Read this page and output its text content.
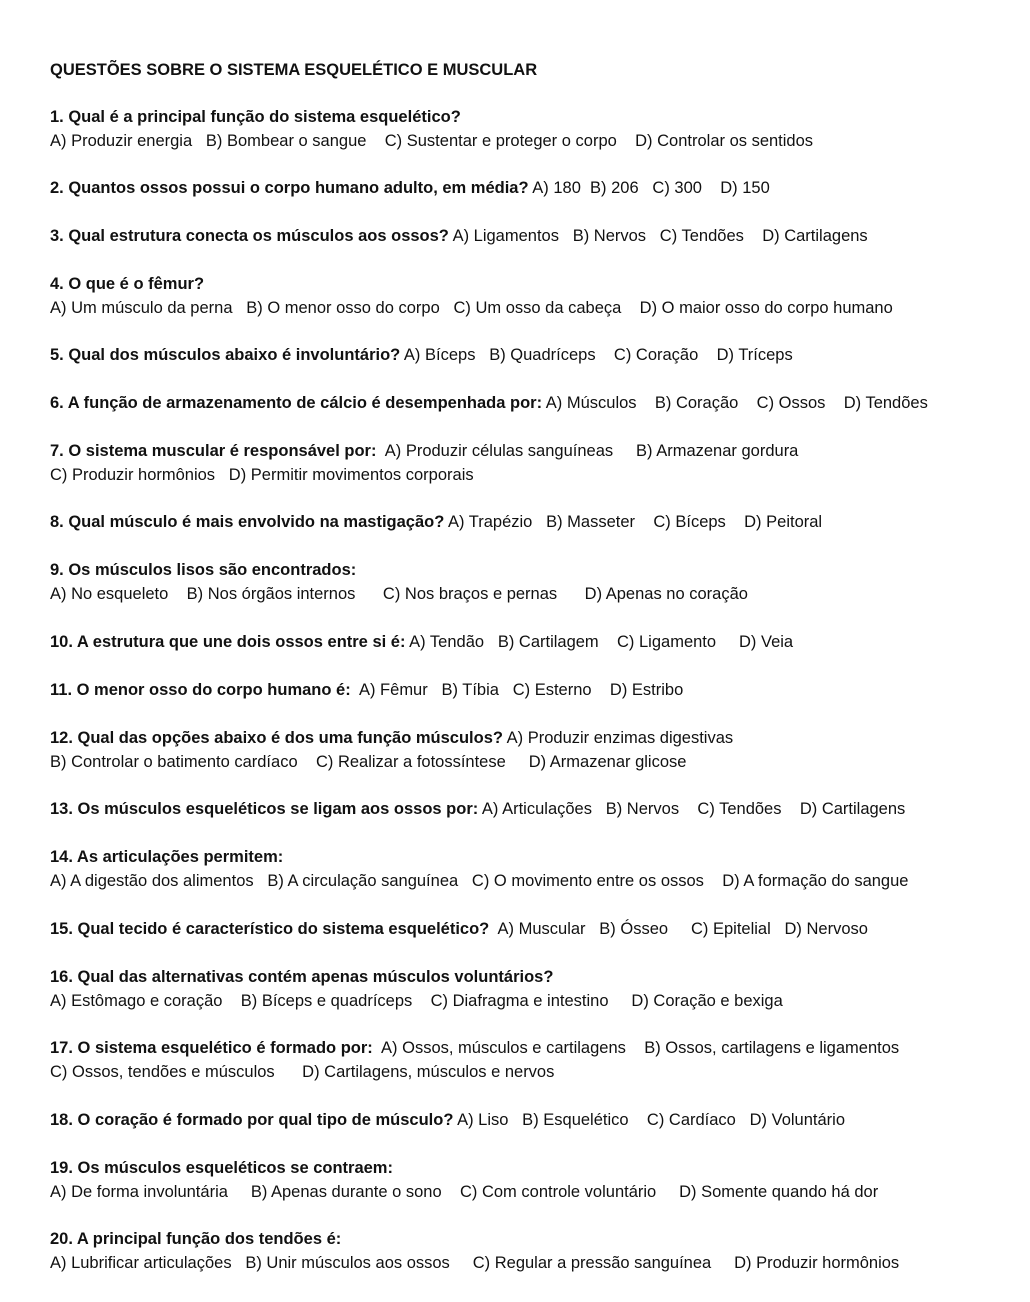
QUESTÕES SOBRE O SISTEMA ESQUELÉTICO E MUSCULAR
1. Qual é a principal função do sistema esquelético?
A) Produzir energia   B) Bombear o sangue    C) Sustentar e proteger o corpo    D) Controlar os sentidos
2. Quantos ossos possui o corpo humano adulto, em média? A) 180  B) 206   C) 300    D) 150
3. Qual estrutura conecta os músculos aos ossos? A) Ligamentos   B) Nervos   C) Tendões    D) Cartilagens
4. O que é o fêmur?
A) Um músculo da perna   B) O menor osso do corpo   C) Um osso da cabeça    D) O maior osso do corpo humano
5. Qual dos músculos abaixo é involuntário? A) Bíceps   B) Quadríceps    C) Coração    D) Tríceps
6. A função de armazenamento de cálcio é desempenhada por: A) Músculos    B) Coração    C) Ossos    D) Tendões
7. O sistema muscular é responsável por:  A) Produzir células sanguíneas     B) Armazenar gordura
C) Produzir hormônios   D) Permitir movimentos corporais
8. Qual músculo é mais envolvido na mastigação? A) Trapézio   B) Masseter    C) Bíceps    D) Peitoral
9. Os músculos lisos são encontrados:
A) No esqueleto    B) Nos órgãos internos      C) Nos braços e pernas      D) Apenas no coração
10. A estrutura que une dois ossos entre si é: A) Tendão   B) Cartilagem    C) Ligamento     D) Veia
11. O menor osso do corpo humano é:  A) Fêmur   B) Tíbia   C) Esterno    D) Estribo
12. Qual das opções abaixo é dos uma função músculos? A) Produzir enzimas digestivas
B) Controlar o batimento cardíaco    C) Realizar a fotossíntese     D) Armazenar glicose
13. Os músculos esqueléticos se ligam aos ossos por: A) Articulações   B) Nervos    C) Tendões    D) Cartilagens
14. As articulações permitem:
A) A digestão dos alimentos   B) A circulação sanguínea   C) O movimento entre os ossos    D) A formação do sangue
15. Qual tecido é característico do sistema esquelético?  A) Muscular   B) Ósseo     C) Epitelial   D) Nervoso
16. Qual das alternativas contém apenas músculos voluntários?
A) Estômago e coração    B) Bíceps e quadríceps    C) Diafragma e intestino     D) Coração e bexiga
17. O sistema esquelético é formado por:  A) Ossos, músculos e cartilagens    B) Ossos, cartilagens e ligamentos
C) Ossos, tendões e músculos      D) Cartilagens, músculos e nervos
18. O coração é formado por qual tipo de músculo? A) Liso   B) Esquelético    C) Cardíaco   D) Voluntário
19. Os músculos esqueléticos se contraem:
A) De forma involuntária     B) Apenas durante o sono    C) Com controle voluntário     D) Somente quando há dor
20. A principal função dos tendões é:
A) Lubrificar articulações   B) Unir músculos aos ossos     C) Regular a pressão sanguínea     D) Produzir hormônios
